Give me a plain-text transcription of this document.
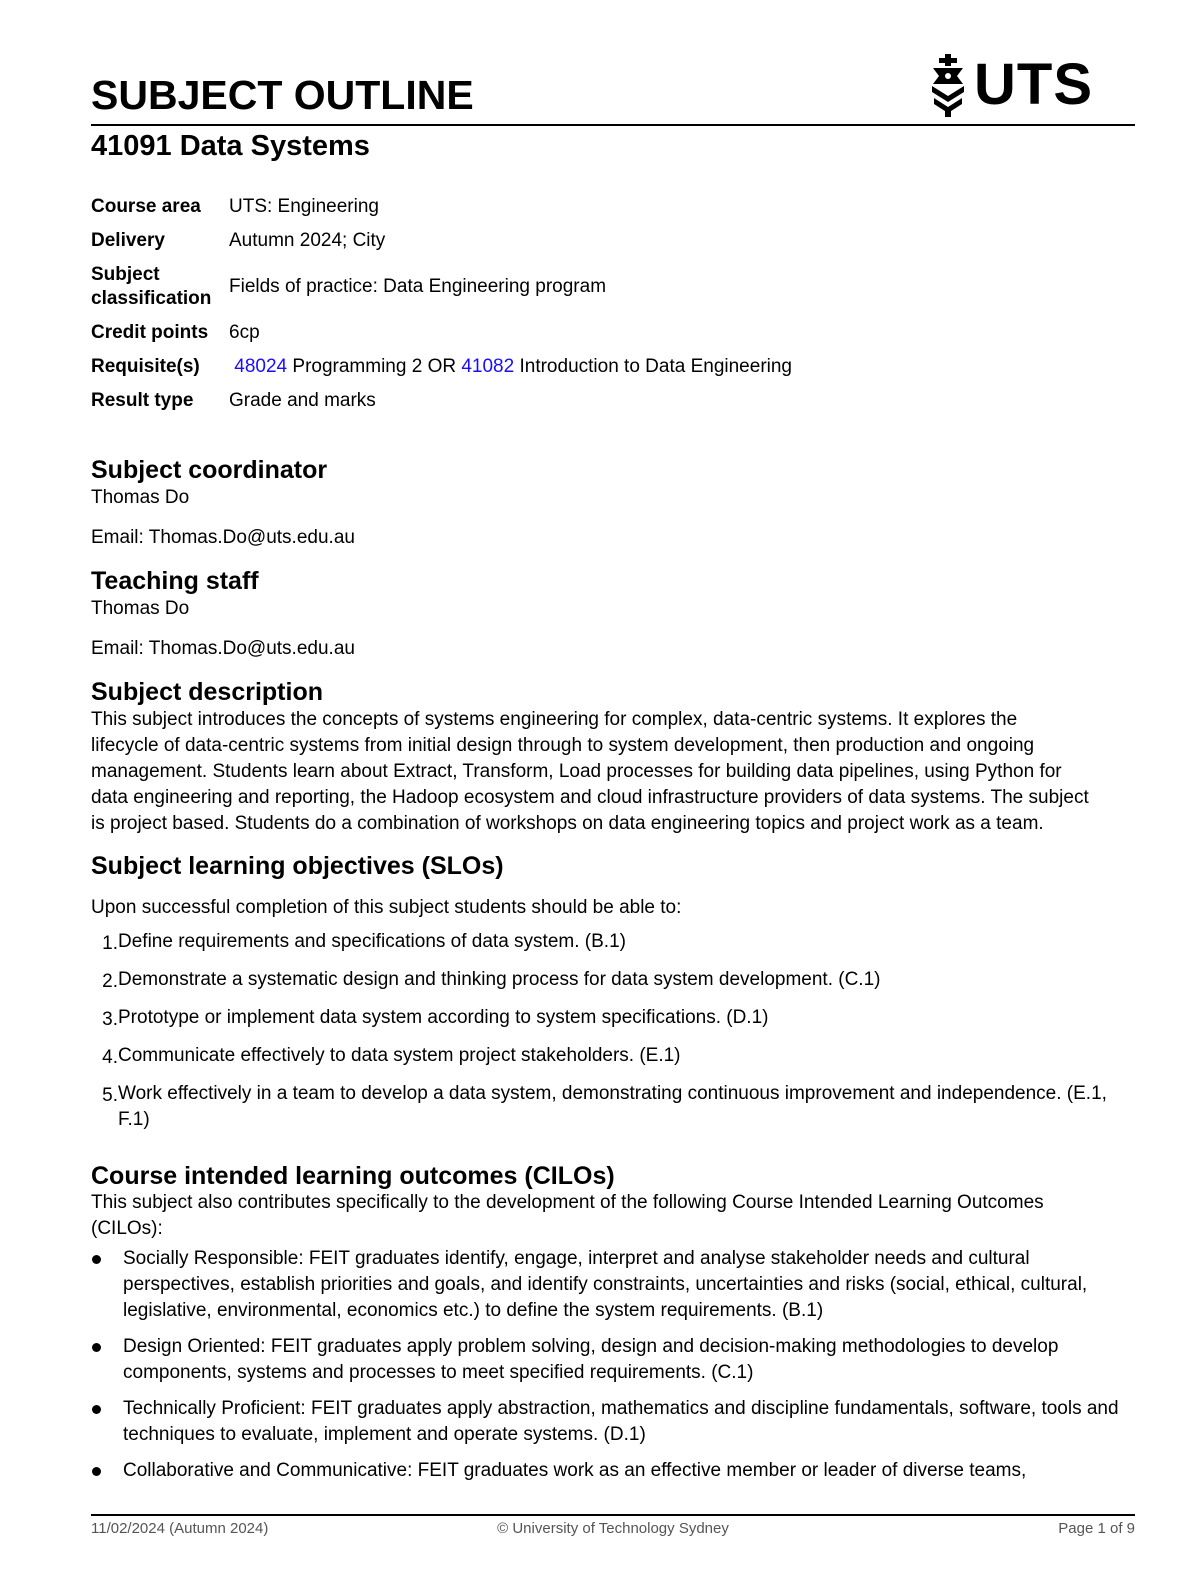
SUBJECT OUTLINE	UTS
41091 Data Systems
Course area	UTS: Engineering
Delivery	Autumn 2024; City
Subject
classification	Fields of practice: Data Engineering program
Credit points	6cp
Requisite(s)	48024 Programming 2 OR 41082 Introduction to Data Engineering
Result type	Grade and marks
Subject coordinator
Thomas Do
Email: Thomas.Do@uts.edu.au
Teaching staff
Thomas Do
Email: Thomas.Do@uts.edu.au
Subject description
This subject introduces the concepts of systems engineering for complex, data-centric systems. It explores the
lifecycle of data-centric systems from initial design through to system development, then production and ongoing
management. Students learn about Extract, Transform, Load processes for building data pipelines, using Python for
data engineering and reporting, the Hadoop ecosystem and cloud infrastructure providers of data systems. The subject
is project based. Students do a combination of workshops on data engineering topics and project work as a team.
Subject learning objectives (SLOs)
Upon successful completion of this subject students should be able to:
1. Define requirements and specifications of data system. (B.1)
2. Demonstrate a systematic design and thinking process for data system development. (C.1)
3. Prototype or implement data system according to system specifications. (D.1)
4. Communicate effectively to data system project stakeholders. (E.1)
5. Work effectively in a team to develop a data system, demonstrating continuous improvement and independence. (E.1, F.1)
Course intended learning outcomes (CILOs)
This subject also contributes specifically to the development of the following Course Intended Learning Outcomes
(CILOs):
Socially Responsible: FEIT graduates identify, engage, interpret and analyse stakeholder needs and cultural perspectives, establish priorities and goals, and identify constraints, uncertainties and risks (social, ethical, cultural, legislative, environmental, economics etc.) to define the system requirements. (B.1)
Design Oriented: FEIT graduates apply problem solving, design and decision-making methodologies to develop components, systems and processes to meet specified requirements. (C.1)
Technically Proficient: FEIT graduates apply abstraction, mathematics and discipline fundamentals, software, tools and techniques to evaluate, implement and operate systems. (D.1)
Collaborative and Communicative: FEIT graduates work as an effective member or leader of diverse teams,
11/02/2024 (Autumn 2024)	© University of Technology Sydney	Page 1 of 9
